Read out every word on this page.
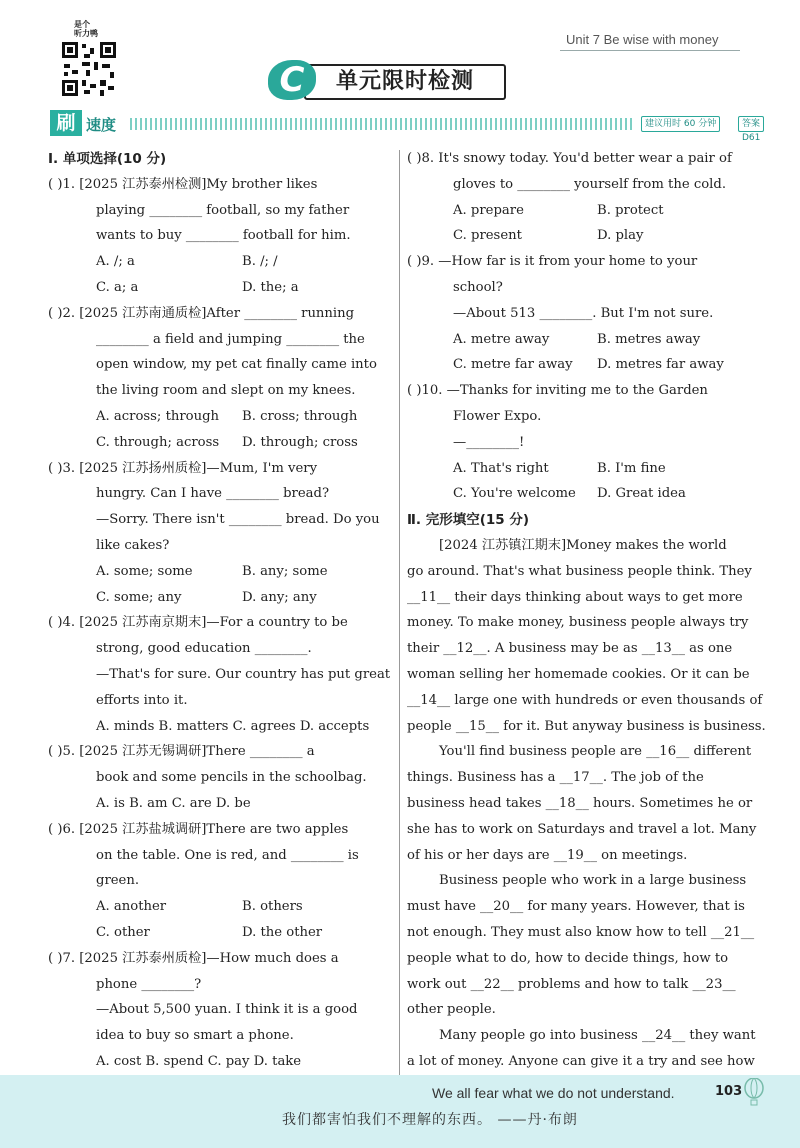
是个
听力鸭	Unit 7 Be wise with money
单元限时检测
C
刷 速度	建议用时 60 分钟	答案 D61
Ⅰ. 单项选择(10 分)
( )1. [2025 江苏泰州检测]My brother likes
playing ________ football, so my father
wants to buy ________ football for him.
A. /; a	B. /; /
C. a; a	D. the; a
( )2. [2025 江苏南通质检]After ________ running
________ a field and jumping ________ the
open window, my pet cat finally came into
the living room and slept on my knees.
A. across; through B. cross; through
C. through; across D. through; cross
( )3. [2025 江苏扬州质检]—Mum, I'm very
hungry. Can I have ________ bread?
—Sorry. There isn't ________ bread. Do you
like cakes?
A. some; some	B. any; some
C. some; any	D. any; any
( )4. [2025 江苏南京期末]—For a country to be
strong, good education ________.
—That's for sure. Our country has put great
efforts into it.
A. minds B. matters C. agrees D. accepts
( )5. [2025 江苏无锡调研]There ________ a
book and some pencils in the schoolbag.
A. is B. am C. are D. be
( )6. [2025 江苏盐城调研]There are two apples
on the table. One is red, and ________ is
green.
A. another	B. others
C. other	D. the other
( )7. [2025 江苏泰州质检]—How much does a
phone ________?
—About 5,500 yuan. I think it is a good
idea to buy so smart a phone.
A. cost B. spend C. pay D. take
( )8. It's snowy today. You'd better wear a pair of
gloves to ________ yourself from the cold.
A. prepare	B. protect
C. present	D. play
( )9. —How far is it from your home to your
school?
—About 513 ________. But I'm not sure.
A. metre away	B. metres away
C. metre far away D. metres far away
( )10. —Thanks for inviting me to the Garden
Flower Expo.
—________!
A. That's right	B. I'm fine
C. You're welcome D. Great idea
Ⅱ. 完形填空(15 分)
[2024 江苏镇江期末]Money makes the world
go around. That's what business people think. They
__11__ their days thinking about ways to get more
money. To make money, business people always try
their __12__. A business may be as __13__ as one
woman selling her homemade cookies. Or it can be
__14__ large one with hundreds or even thousands of
people __15__ for it. But anyway business is business.
You'll find business people are __16__ different
things. Business has a __17__. The job of the
business head takes __18__ hours. Sometimes he or
she has to work on Saturdays and travel a lot. Many
of his or her days are __19__ on meetings.
Business people who work in a large business
must have __20__ for many years. However, that is
not enough. They must also know how to tell __21__
people what to do, how to decide things, how to
work out __22__ problems and how to talk __23__
other people.
Many people go into business __24__ they want
a lot of money. Anyone can give it a try and see how
We all fear what we do not understand.
我们都害怕我们不理解的东西。 ——丹·布朗
103
